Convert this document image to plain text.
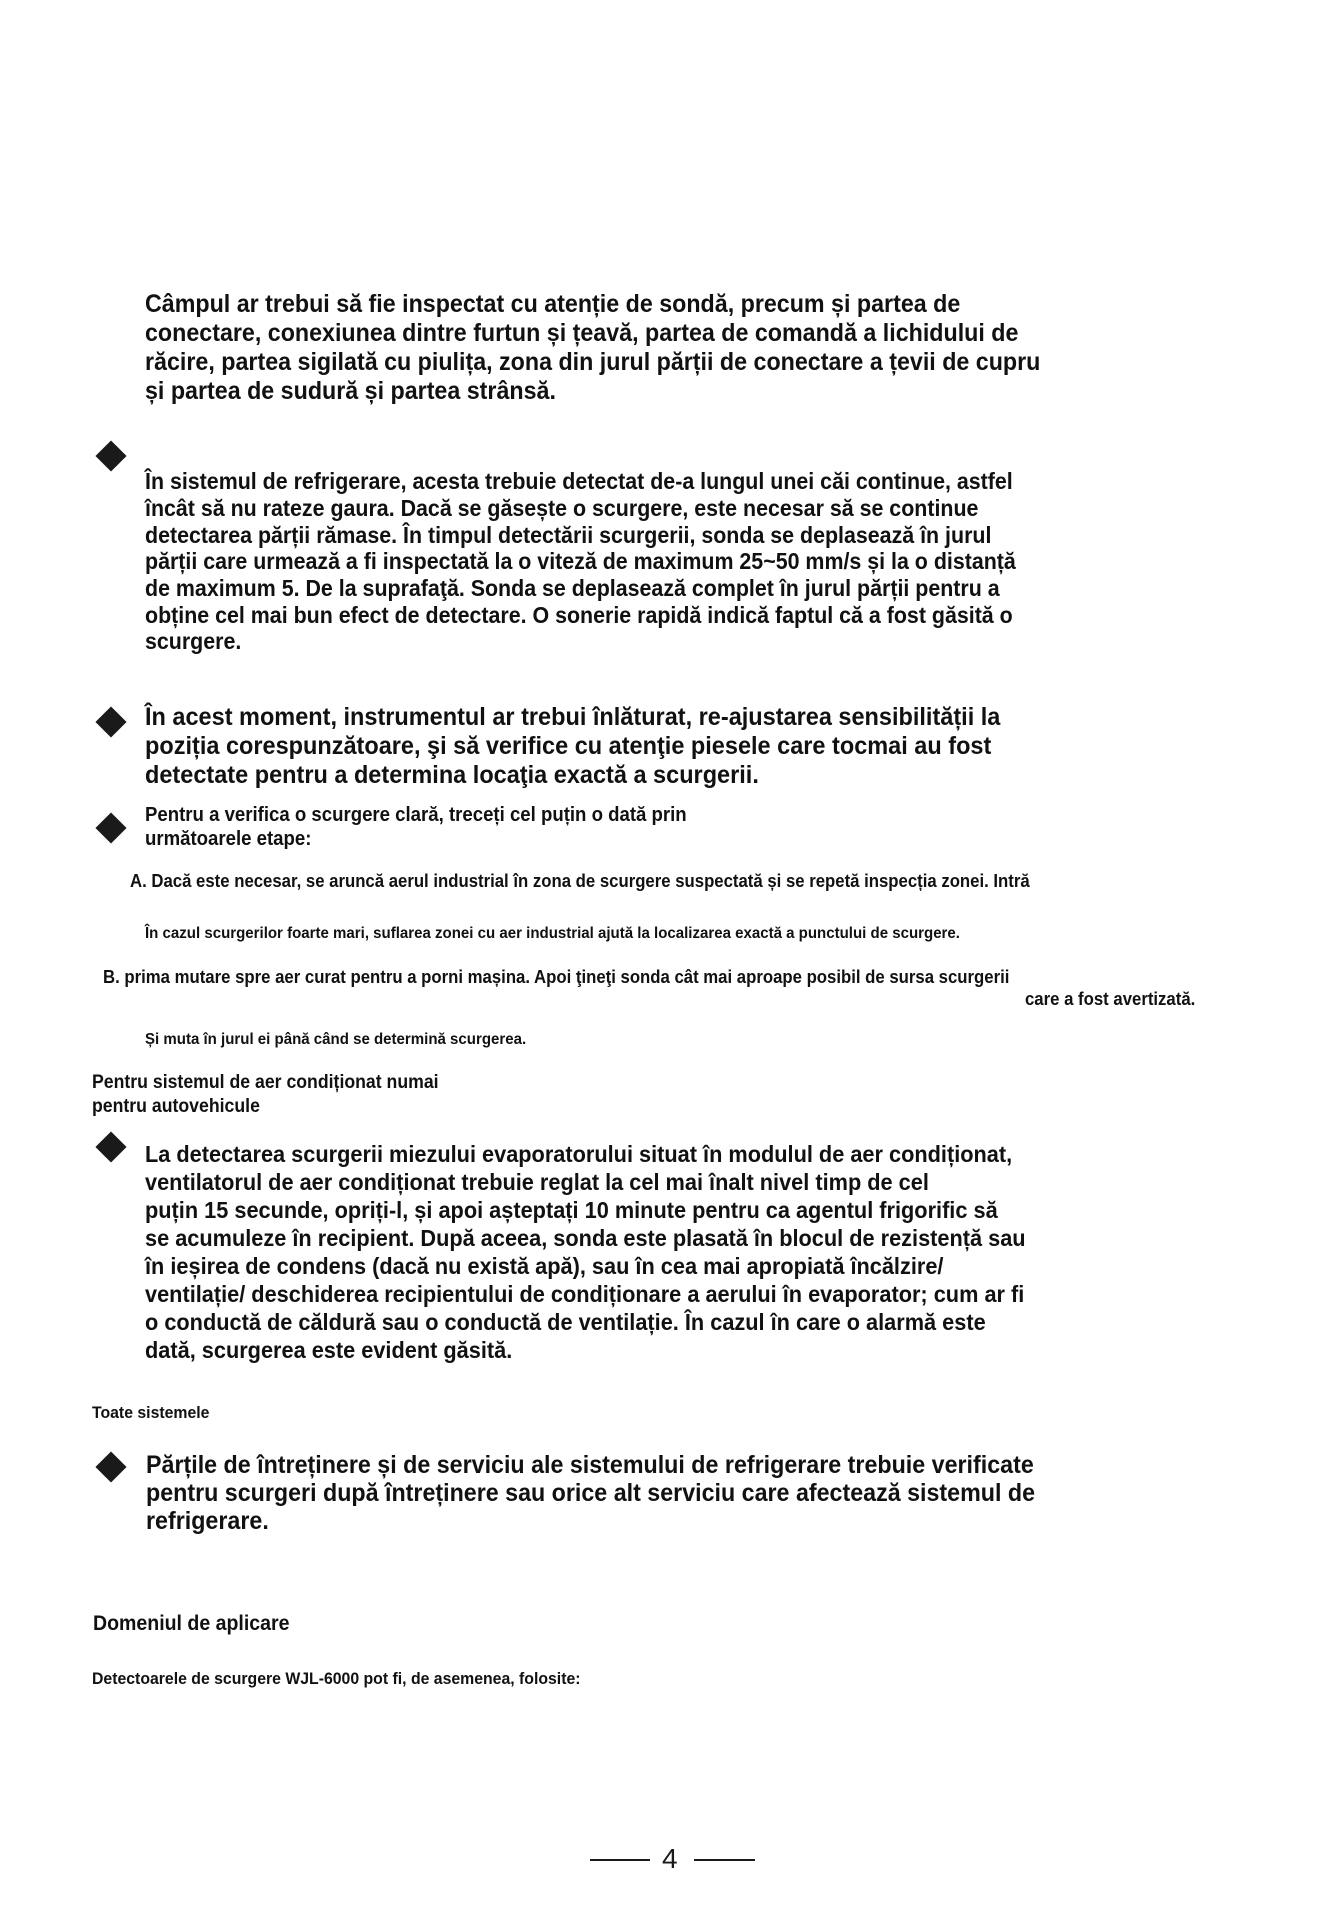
Câmpul ar trebui să fie inspectat cu atenție de sondă, precum și partea de
conectare, conexiunea dintre furtun și țeavă, partea de comandă a lichidului de
răcire, partea sigilată cu piulița, zona din jurul părții de conectare a țevii de cupru
și partea de sudură și partea strânsă.
În sistemul de refrigerare, acesta trebuie detectat de-a lungul unei căi continue, astfel
încât să nu rateze gaura. Dacă se găsește o scurgere, este necesar să se continue
detectarea părții rămase. În timpul detectării scurgerii, sonda se deplasează în jurul
părții care urmează a fi inspectată la o viteză de maximum 25~50 mm/s și la o distanță
de maximum 5. De la suprafaţă. Sonda se deplasează complet în jurul părții pentru a
obține cel mai bun efect de detectare. O sonerie rapidă indică faptul că a fost găsită o
scurgere.
În acest moment, instrumentul ar trebui înlăturat, re-ajustarea sensibilității la
poziția corespunzătoare, şi să verifice cu atenţie piesele care tocmai au fost
detectate pentru a determina locaţia exactă a scurgerii.
Pentru a verifica o scurgere clară, treceți cel puțin o dată prin
următoarele etape:
A. Dacă este necesar, se aruncă aerul industrial în zona de scurgere suspectată și se repetă inspecția zonei. Intră
În cazul scurgerilor foarte mari, suflarea zonei cu aer industrial ajută la localizarea exactă a punctului de scurgere.
B. prima mutare spre aer curat pentru a porni mașina. Apoi ţineţi sonda cât mai aproape posibil de sursa scurgerii
care a fost avertizată.
Și muta în jurul ei până când se determină scurgerea.
Pentru sistemul de aer condiționat numai
pentru autovehicule
La detectarea scurgerii miezului evaporatorului situat în modulul de aer condiționat,
ventilatorul de aer condiționat trebuie reglat la cel mai înalt nivel timp de cel
puțin 15 secunde, opriți-l, și apoi așteptați 10 minute pentru ca agentul frigorific să
se acumuleze în recipient. După aceea, sonda este plasată în blocul de rezistență sau
în ieșirea de condens (dacă nu există apă), sau în cea mai apropiată încălzire/
ventilație/ deschiderea recipientului de condiționare a aerului în evaporator; cum ar fi
o conductă de căldură sau o conductă de ventilație. În cazul în care o alarmă este
dată, scurgerea este evident găsită.
Toate sistemele
Părțile de întreținere și de serviciu ale sistemului de refrigerare trebuie verificate
pentru scurgeri după întreținere sau orice alt serviciu care afectează sistemul de
refrigerare.
Domeniul de aplicare
Detectoarele de scurgere WJL-6000 pot fi, de asemenea, folosite:
4
